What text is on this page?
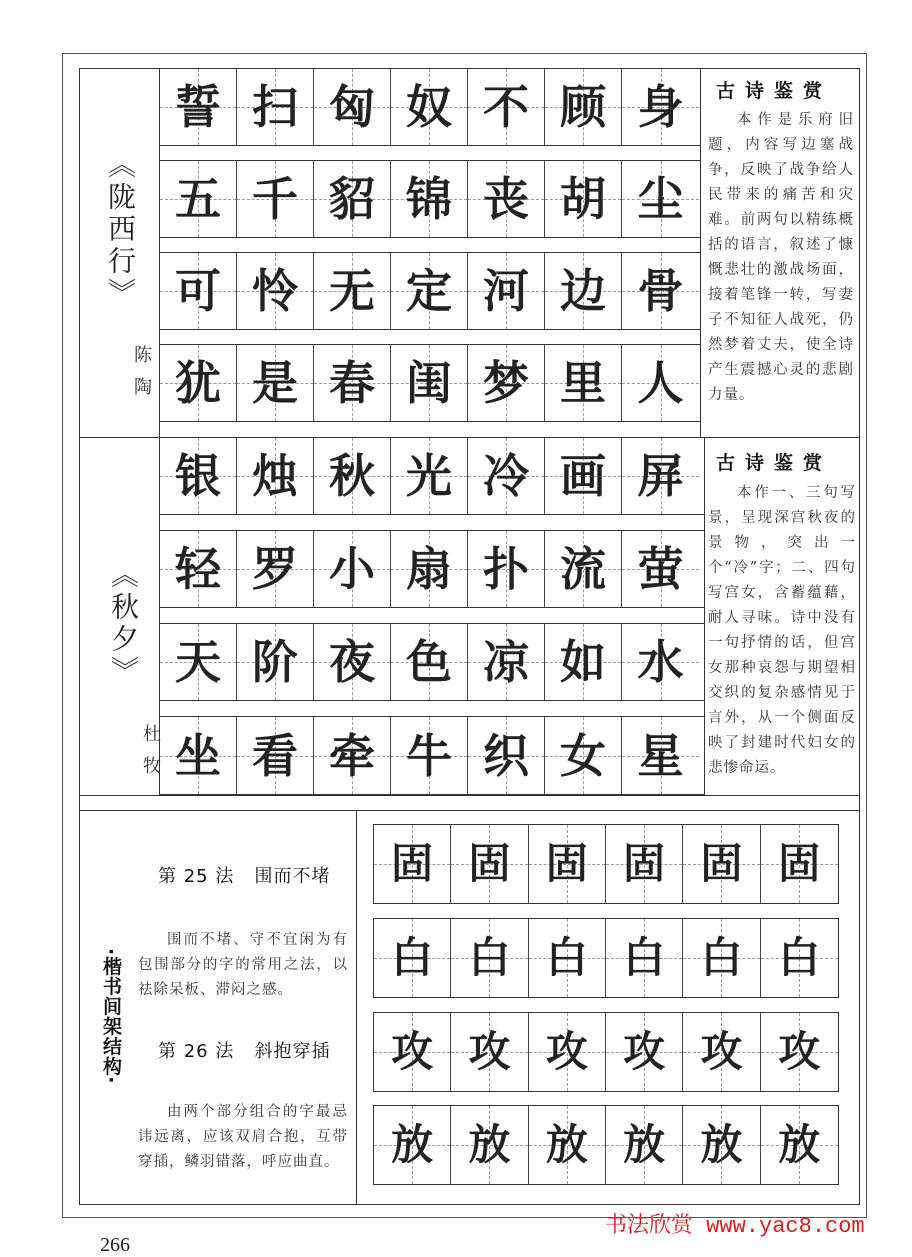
《陇西行》
陈陶
誓 扫 匈 奴 不 顾 身
五 千 貂 锦 丧 胡 尘
可 怜 无 定 河 边 骨
犹 是 春 闺 梦 里 人
古诗鉴赏
本作是乐府旧题，内容写边塞战争，反映了战争给人民带来的痛苦和灾难。前两句以精练概括的语言，叙述了慷慨悲壮的激战场面，接着笔锋一转，写妻子不知征人战死，仍然梦着丈夫，使全诗产生震撼心灵的悲剧力量。
《秋夕》
杜牧
银 烛 秋 光 冷 画 屏
轻 罗 小 扇 扑 流 萤
天 阶 夜 色 凉 如 水
坐 看 牵 牛 织 女 星
古诗鉴赏
本作一、三句写景，呈现深宫秋夜的景物，突出一个“冷”字；二、四句写宫女，含蓄蕴藉，耐人寻味。诗中没有一句抒情的话，但宫女那种哀怨与期望相交织的复杂感情见于言外，从一个侧面反映了封建时代妇女的悲惨命运。
·楷书间架结构·
第 25 法   围而不堵
围而不堵、守不宜闲为有包围部分的字的常用之法，以祛除呆板、滞闷之感。
第 26 法   斜抱穿插
由两个部分组合的字最忌讳远离，应该双肩合抱，互带穿插，鳞羽错落，呼应曲直。
固 固 固 固 固 固
白 白 白 白 白 白
攻 攻 攻 攻 攻 攻
放 放 放 放 放 放
书法欣赏 www.yac8.com
266
